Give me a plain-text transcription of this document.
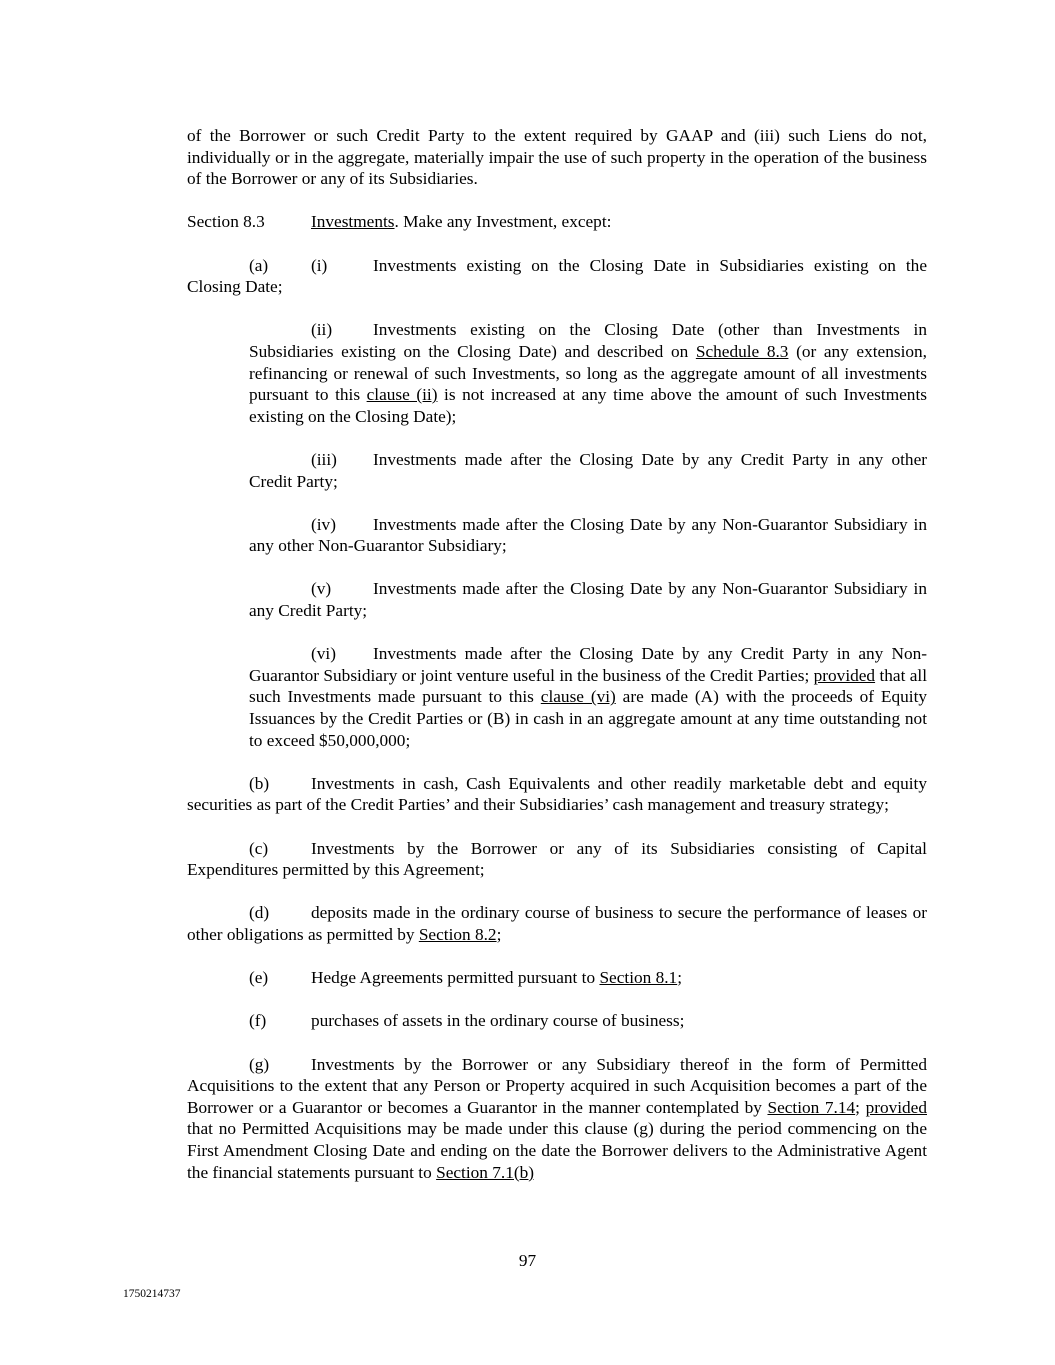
of the Borrower or such Credit Party to the extent required by GAAP and (iii) such Liens do not, individually or in the aggregate, materially impair the use of such property in the operation of the business of the Borrower or any of its Subsidiaries.

Section 8.3	Investments. Make any Investment, except:

(a) (i)	Investments existing on the Closing Date in Subsidiaries existing on the Closing Date;

(ii) Investments existing on the Closing Date (other than Investments in Subsidiaries existing on the Closing Date) and described on Schedule 8.3 (or any extension, refinancing or renewal of such Investments, so long as the aggregate amount of all investments pursuant to this clause (ii) is not increased at any time above the amount of such Investments existing on the Closing Date);

(iii) Investments made after the Closing Date by any Credit Party in any other Credit Party;

(iv) Investments made after the Closing Date by any Non-Guarantor Subsidiary in any other Non-Guarantor Subsidiary;

(v) Investments made after the Closing Date by any Non-Guarantor Subsidiary in any Credit Party;

(vi) Investments made after the Closing Date by any Credit Party in any Non-Guarantor Subsidiary or joint venture useful in the business of the Credit Parties; provided that all such Investments made pursuant to this clause (vi) are made (A) with the proceeds of Equity Issuances by the Credit Parties or (B) in cash in an aggregate amount at any time outstanding not to exceed $50,000,000;

(b) Investments in cash, Cash Equivalents and other readily marketable debt and equity securities as part of the Credit Parties’ and their Subsidiaries’ cash management and treasury strategy;

(c) Investments by the Borrower or any of its Subsidiaries consisting of Capital Expenditures permitted by this Agreement;

(d) deposits made in the ordinary course of business to secure the performance of leases or other obligations as permitted by Section 8.2;

(e) Hedge Agreements permitted pursuant to Section 8.1;

(f)	purchases of assets in the ordinary course of business;

(g) Investments by the Borrower or any Subsidiary thereof in the form of Permitted Acquisitions to the extent that any Person or Property acquired in such Acquisition becomes a part of the Borrower or a Guarantor or becomes a Guarantor in the manner contemplated by Section 7.14; provided that no Permitted Acquisitions may be made under this clause (g) during the period commencing on the First Amendment Closing Date and ending on the date the Borrower delivers to the Administrative Agent the financial statements pursuant to Section 7.1(b)

97
1750214737
